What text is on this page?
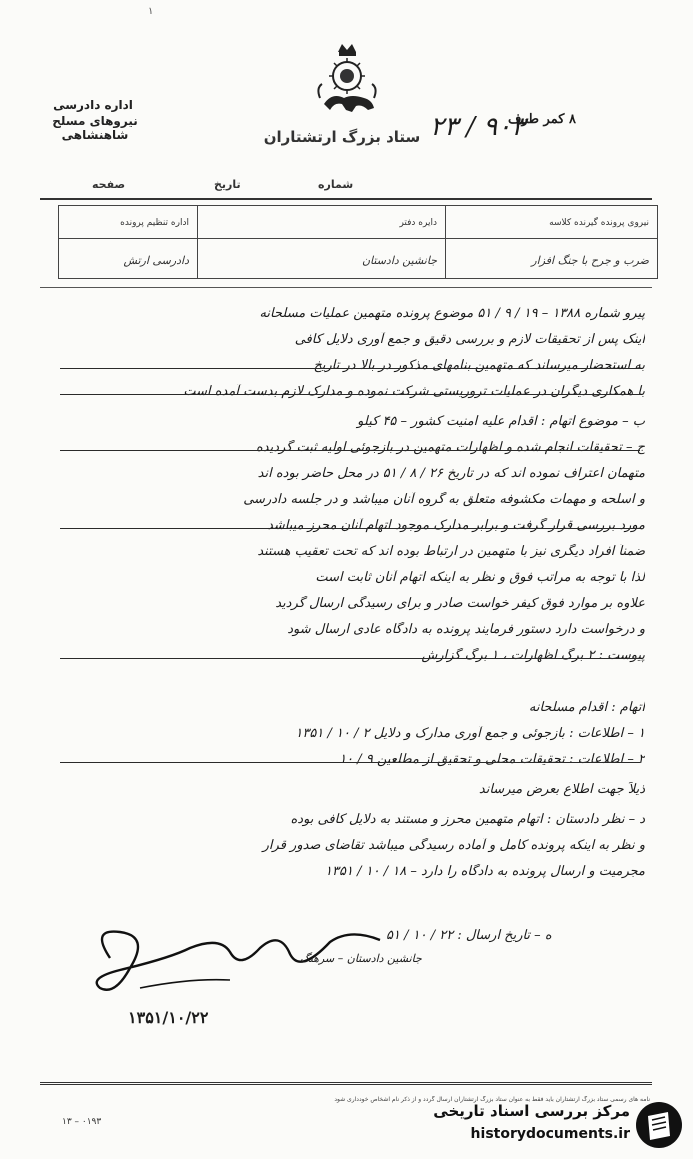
۱
اداره دادرسی
نیروهای مسلح شاهنشاهی	ستاد بزرگ ارتشتاران
۸ کمر طرف
۹۰۳ / ۲۳
شماره
تاریخ
صفحه
نیروی پرونده گیرنده کلاسه
دایره دفتر
اداره تنظیم پرونده
ضرب و جرح با جنگ افزار
جانشین دادستان
دادرسی ارتش
پیرو شماره ۱۳۸۸ – ۱۹ / ۹ / ۵۱ موضوع پرونده متهمین عملیات مسلحانه
اینک پس از تحقیقات لازم و بررسی دقیق و جمع آوری دلایل کافی
به استحضار میرساند که متهمین بنامهای مذکور در بالا در تاریخ
با همکاری دیگران در عملیات تروریستی شرکت نموده و مدارک لازم بدست آمده است
ب – موضوع اتهام : اقدام علیه امنیت کشور – ۴۵ کیلو
ج – تحقیقات انجام شده و اظهارات متهمین در بازجوئی اولیه ثبت گردیده
متهمان اعتراف نموده اند که در تاریخ ۲۶ / ۸ / ۵۱ در محل حاضر بوده اند
و اسلحه و مهمات مکشوفه متعلق به گروه آنان میباشد و در جلسه دادرسی
مورد بررسی قرار گرفت و برابر مدارک موجود اتهام آنان محرز میباشد
ضمناً افراد دیگری نیز با متهمین در ارتباط بوده اند که تحت تعقیب هستند
لذا با توجه به مراتب فوق و نظر به اینکه اتهام آنان ثابت است
علاوه بر موارد فوق کیفر خواست صادر و برای رسیدگی ارسال گردید
و درخواست دارد دستور فرمایند پرونده به دادگاه عادی ارسال شود
پیوست : ۲ برگ اظهارات ، ۱ برگ گزارش
اتهام : اقدام مسلحانه
۱ – اطلاعات : بازجوئی و جمع آوری مدارک و دلایل ۲ / ۱۰ / ۱۳۵۱
۲ – اطلاعات : تحقیقات محلی و تحقیق از مطلعین ۹ / ۱۰
ذیلاً جهت اطلاع بعرض میرساند
د – نظر دادستان : اتهام متهمین محرز و مستند به دلایل کافی بوده
و نظر به اینکه پرونده کامل و آماده رسیدگی میباشد تقاضای صدور قرار
مجرمیت و ارسال پرونده به دادگاه را دارد – ۱۸ / ۱۰ / ۱۳۵۱
ه – تاریخ ارسال : ۲۲ / ۱۰ / ۵۱
جانشین دادستان – سرهنگ
۱۳۵۱/۱۰/۲۲
نامه های رسمی ستاد بزرگ ارتشتاران باید فقط به عنوان ستاد بزرگ ارتشتاران ارسال گردد و از ذکر نام اشخاص خودداری شود
۱۳ – ۰۱۹۳
مرکز بررسی اسناد تاریخی
historydocuments.ir
